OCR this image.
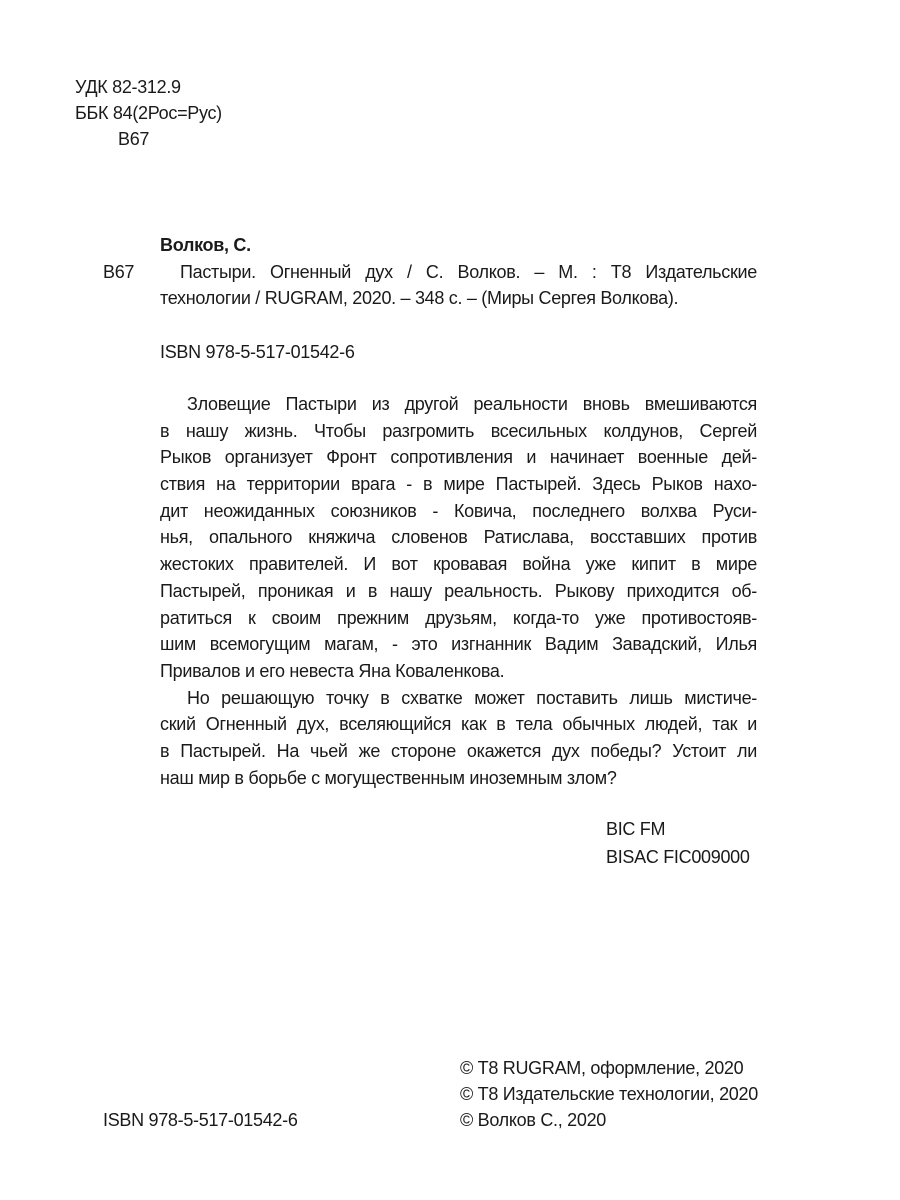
УДК 82-312.9
ББК 84(2Рос=Рус)
В67
Волков, С.
В67	Пастыри. Огненный дух / С. Волков. – М. : Т8 Издательские
технологии / RUGRAM, 2020. – 348 с. – (Миры Сергея Волкова).
ISBN 978-5-517-01542-6
Зловещие Пастыри из другой реальности вновь вмешиваются
в нашу жизнь. Чтобы разгромить всесильных колдунов, Сергей
Рыков организует Фронт сопротивления и начинает военные дей-
ствия на территории врага - в мире Пастырей. Здесь Рыков нахо-
дит неожиданных союзников - Ковича, последнего волхва Руси-
нья, опального княжича словенов Ратислава, восставших против
жестоких правителей. И вот кровавая война уже кипит в мире
Пастырей, проникая и в нашу реальность. Рыкову приходится об-
ратиться к своим прежним друзьям, когда-то уже противостояв-
шим всемогущим магам, - это изгнанник Вадим Завадский, Илья
Привалов и его невеста Яна Коваленкова.
Но решающую точку в схватке может поставить лишь мистиче-
ский Огненный дух, вселяющийся как в тела обычных людей, так и
в Пастырей. На чьей же стороне окажется дух победы? Устоит ли
наш мир в борьбе с могущественным иноземным злом?
BIC FM
BISAC FIC009000
© Т8 RUGRAM, оформление, 2020
© Т8 Издательские технологии, 2020
© Волков С., 2020
ISBN 978-5-517-01542-6
